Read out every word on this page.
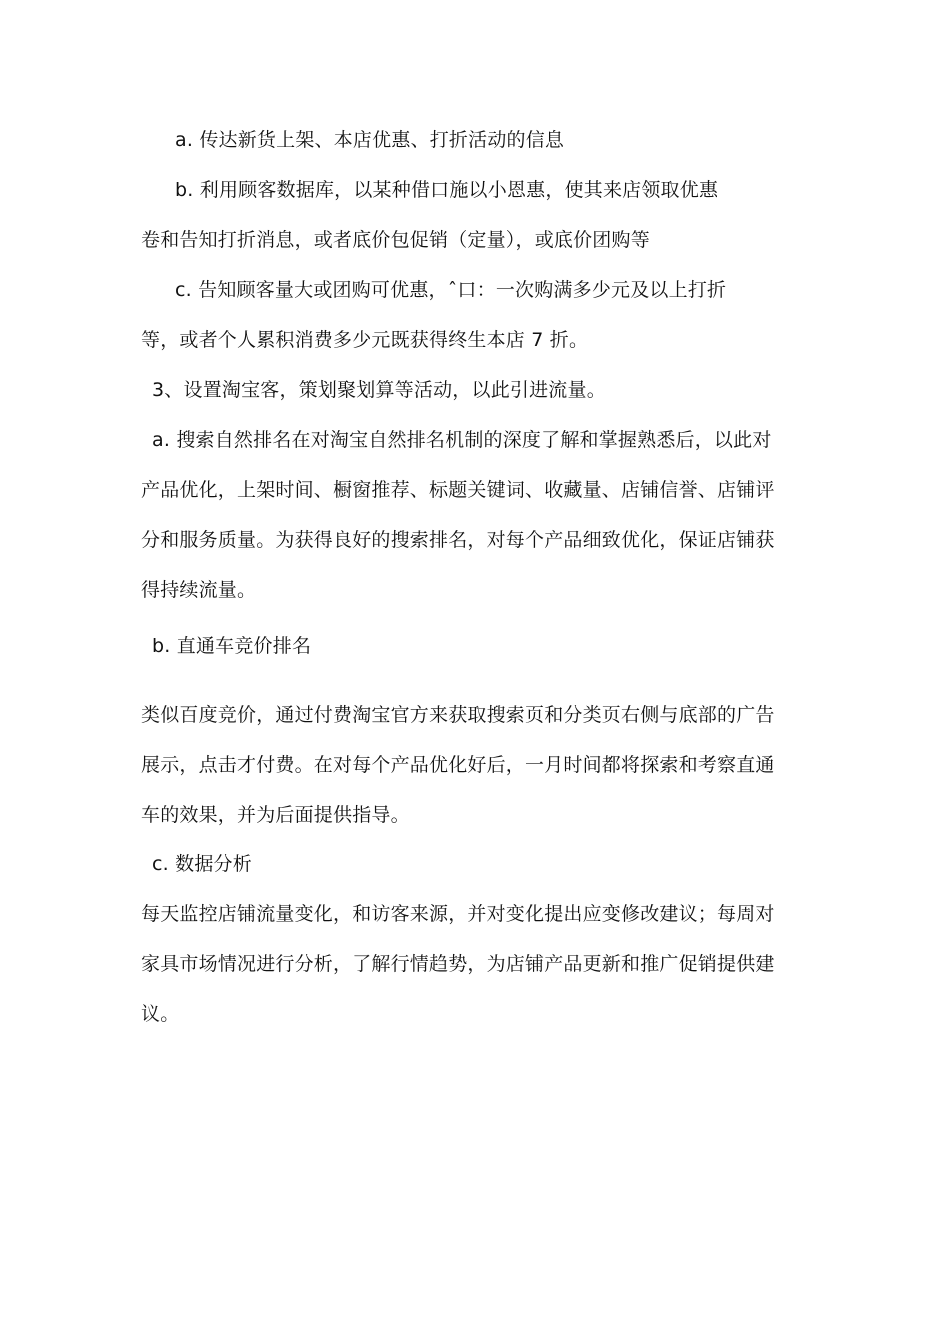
a. 传达新货上架、本店优惠、打折活动的信息
b. 利用顾客数据库，以某种借口施以小恩惠，使其来店领取优惠
卷和告知打折消息，或者底价包促销（定量），或底价团购等
c. 告知顾客量大或团购可优惠，ˆ口：一次购满多少元及以上打折
等，或者个人累积消费多少元既获得终生本店 7 折。
3、设置淘宝客，策划聚划算等活动，以此引进流量。
a. 搜索自然排名在对淘宝自然排名机制的深度了解和掌握熟悉后，以此对
产品优化，上架时间、橱窗推荐、标题关键词、收藏量、店铺信誉、店铺评
分和服务质量。为获得良好的搜索排名，对每个产品细致优化，保证店铺获
得持续流量。
b. 直通车竞价排名
类似百度竞价，通过付费淘宝官方来获取搜索页和分类页右侧与底部的广告
展示，点击才付费。在对每个产品优化好后，一月时间都将探索和考察直通
车的效果，并为后面提供指导。
c. 数据分析
每天监控店铺流量变化，和访客来源，并对变化提出应变修改建议；每周对
家具市场情况进行分析，了解行情趋势，为店铺产品更新和推广促销提供建
议。
